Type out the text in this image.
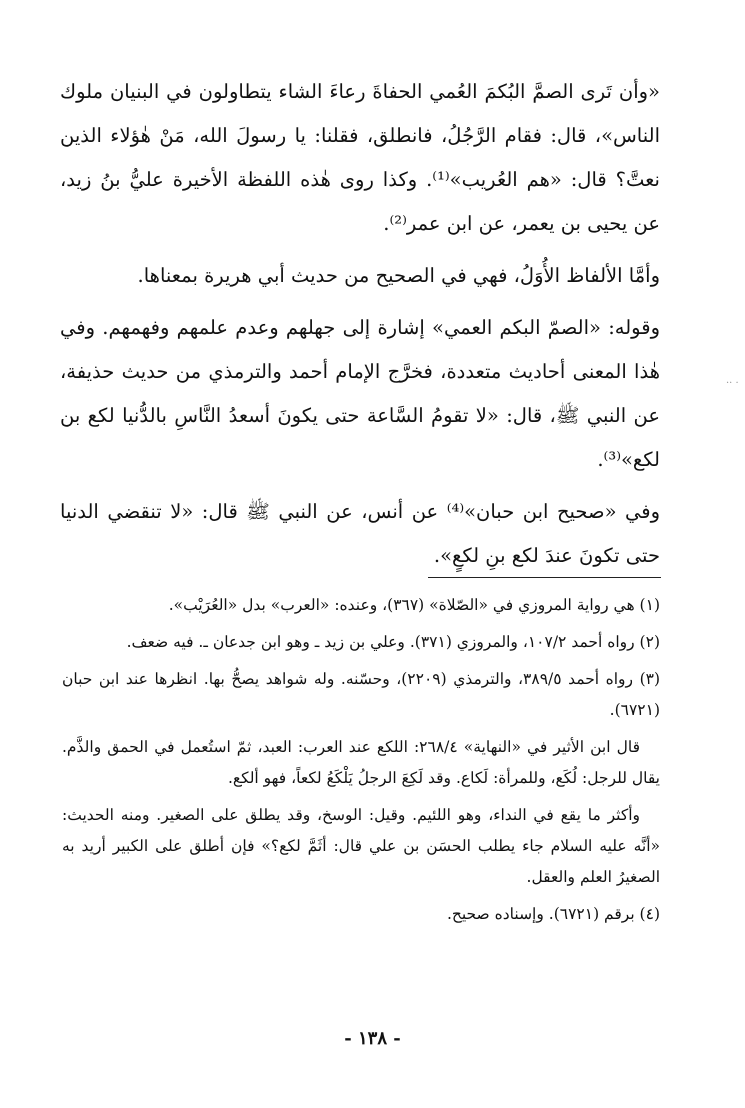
«وأن تَرى الصمَّ البُكمَ العُمي الحفاةَ رعاءَ الشاء يتطاولون في البنيان ملوك الناس»، قال: فقام الرَّجُلُ، فانطلق، فقلنا: يا رسولَ الله، مَنْ هٰؤلاء الذين نعتَّ؟ قال: «هم العُريب»⁽¹⁾. وكذا روى هٰذه اللفظة الأخيرة عليُّ بنُ زيد، عن يحيى بن يعمر، عن ابن عمر⁽²⁾.

وأمَّا الألفاظ الأُوَلُ، فهي في الصحيح من حديث أبي هريرة بمعناها.

وقوله: «الصمّ البكم العمي» إشارة إلى جهلهم وعدم علمهم وفهمهم. وفي هٰذا المعنى أحاديث متعددة، فخرَّج الإمام أحمد والترمذي من حديث حذيفة، عن النبي ﷺ، قال: «لا تقومُ السَّاعة حتى يكونَ أسعدُ النَّاسِ بالدُّنيا لكع بن لكع»⁽³⁾.

وفي «صحيح ابن حبان»⁽⁴⁾ عن أنس، عن النبي ﷺ قال: «لا تنقضي الدنيا حتى تكونَ عندَ لكع بنِ لكعٍ».

(١) هي رواية المروزي في «الصّلاة» (٣٦٧)، وعنده: «العرب» بدل «العُرَيْب».

(٢) رواه أحمد ١٠٧/٢، والمروزي (٣٧١). وعلي بن زيد ـ وهو ابن جدعان ـ. فيه ضعف.

(٣) رواه أحمد ٣٨٩/٥، والترمذي (٢٢٠٩)، وحسّنه. وله شواهد يصحُّ بها. انظرها عند ابن حبان (٦٧٢١).

قال ابن الأثير في «النهاية» ٢٦٨/٤: اللكع عند العرب: العبد، ثمّ استُعمل في الحمق والذَّم. يقال للرجل: لُكَع، وللمرأة: لَكاع. وقد لَكِعَ الرجلُ يَلْكَعُ لكعاً، فهو ألكع.

وأكثر ما يقع في النداء، وهو اللئيم. وقيل: الوسخ، وقد يطلق على الصغير. ومنه الحديث: «أنَّه عليه السلام جاء يطلب الحسَن بن علي قال: أثَمَّ لكع؟» فإن أطلق على الكبير أريد به الصغيرُ العلم والعقل.

(٤) برقم (٦٧٢١). وإسناده صحيح.

- ١٣٨ -
·· ·
